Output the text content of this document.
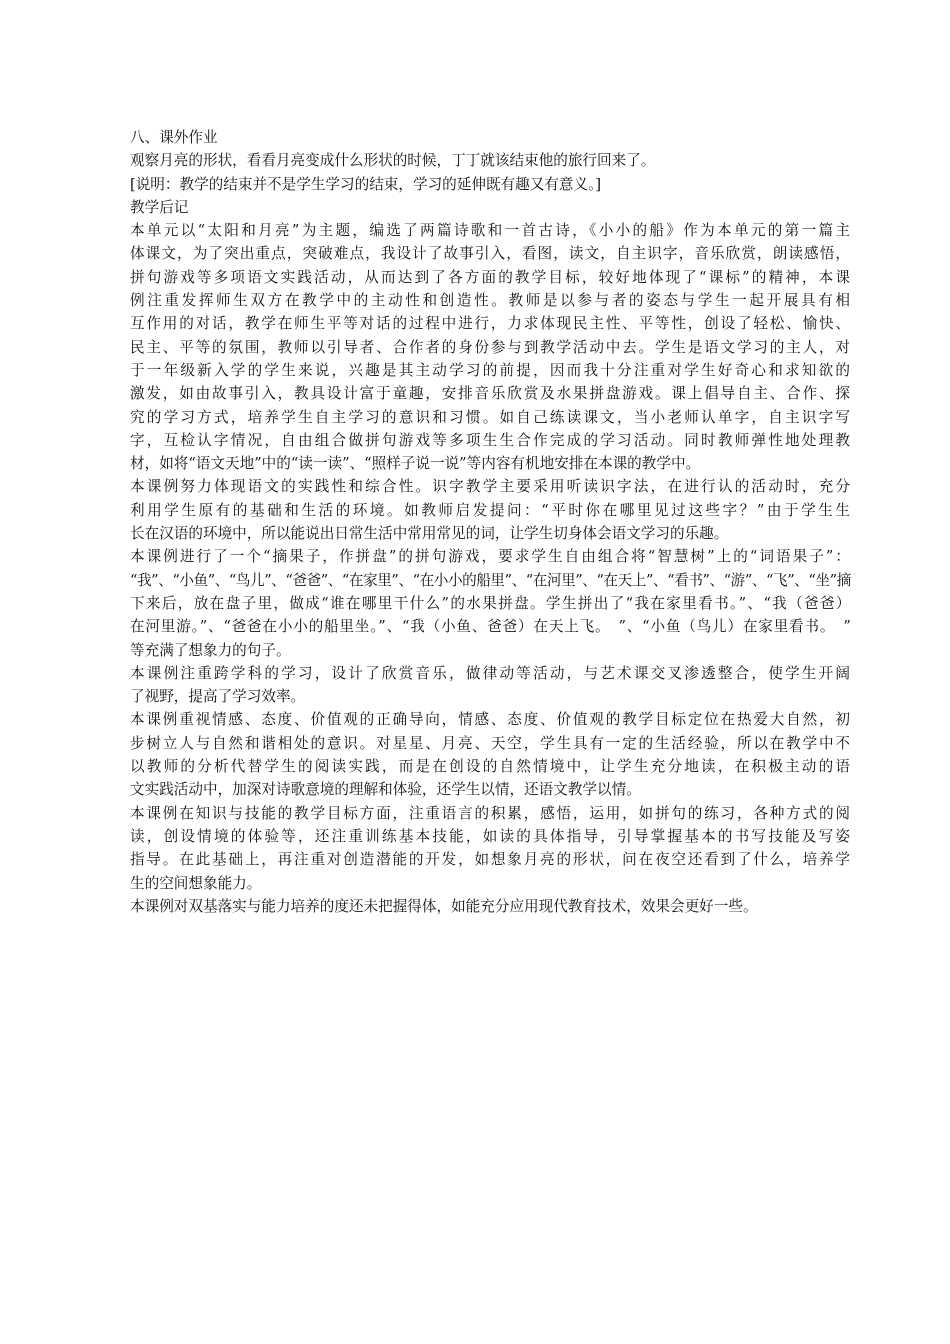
八、课外作业
观察月亮的形状，看看月亮变成什么形状的时候，丁丁就该结束他的旅行回来了。
[说明：教学的结束并不是学生学习的结束，学习的延伸既有趣又有意义。]
教学后记
本单元以“太阳和月亮”为主题，编选了两篇诗歌和一首古诗，《小小的船》作为本单元的第一篇主
体课文，为了突出重点，突破难点，我设计了故事引入，看图，读文，自主识字，音乐欣赏，朗读感悟，
拼句游戏等多项语文实践活动，从而达到了各方面的教学目标，较好地体现了“课标”的精神，本课
例注重发挥师生双方在教学中的主动性和创造性。教师是以参与者的姿态与学生一起开展具有相
互作用的对话，教学在师生平等对话的过程中进行，力求体现民主性、平等性，创设了轻松、愉快、
民主、平等的氛围，教师以引导者、合作者的身份参与到教学活动中去。学生是语文学习的主人，对
于一年级新入学的学生来说，兴趣是其主动学习的前提，因而我十分注重对学生好奇心和求知欲的
激发，如由故事引入，教具设计富于童趣，安排音乐欣赏及水果拼盘游戏。课上倡导自主、合作、探
究的学习方式，培养学生自主学习的意识和习惯。如自己练读课文，当小老师认单字，自主识字写
字，互检认字情况，自由组合做拼句游戏等多项生生合作完成的学习活动。同时教师弹性地处理教
材，如将“语文天地”中的“读一读”、“照样子说一说”等内容有机地安排在本课的教学中。
本课例努力体现语文的实践性和综合性。识字教学主要采用听读识字法，在进行认的活动时，充分
利用学生原有的基础和生活的环境。如教师启发提问：“平时你在哪里见过这些字？”由于学生生
长在汉语的环境中，所以能说出日常生活中常用常见的词，让学生切身体会语文学习的乐趣。
本课例进行了一个“摘果子，作拼盘”的拼句游戏，要求学生自由组合将“智慧树”上的“词语果子”：
“我”、“小鱼”、“鸟儿”、“爸爸”、“在家里”、“在小小的船里”、“在河里”、“在天上”、“看书”、“游”、“飞”、“坐”摘
下来后，放在盘子里，做成“谁在哪里干什么”的水果拼盘。学生拼出了“我在家里看书。”、“我（爸爸）
在河里游。”、“爸爸在小小的船里坐。”、“我（小鱼、爸爸）在天上飞。　”、“小鱼（鸟儿）在家里看书。　”
等充满了想象力的句子。
本课例注重跨学科的学习，设计了欣赏音乐，做律动等活动，与艺术课交叉渗透整合，使学生开阔
了视野，提高了学习效率。
本课例重视情感、态度、价值观的正确导向，情感、态度、价值观的教学目标定位在热爱大自然，初
步树立人与自然和谐相处的意识。对星星、月亮、天空，学生具有一定的生活经验，所以在教学中不
以教师的分析代替学生的阅读实践，而是在创设的自然情境中，让学生充分地读，在积极主动的语
文实践活动中，加深对诗歌意境的理解和体验，还学生以情，还语文教学以情。
本课例在知识与技能的教学目标方面，注重语言的积累，感悟，运用，如拼句的练习，各种方式的阅
读，创设情境的体验等，还注重训练基本技能，如读的具体指导，引导掌握基本的书写技能及写姿
指导。在此基础上，再注重对创造潜能的开发，如想象月亮的形状，问在夜空还看到了什么，培养学
生的空间想象能力。
本课例对双基落实与能力培养的度还未把握得体，如能充分应用现代教育技术，效果会更好一些。
